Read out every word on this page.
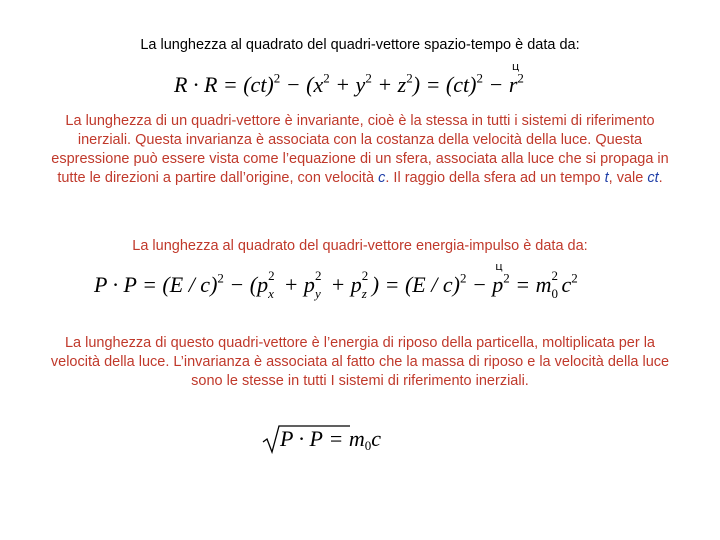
La lunghezza al quadrato del quadri-vettore spazio-tempo è data da:
$R \cdot R = (ct)^2 - (x^2 + y^2 + z^2) = (ct)^2 - r$
ц
$^2$
La lunghezza di un quadri-vettore è invariante, cioè è la stessa in tutti i sistemi di riferimento inerziali. Questa invarianza è associata con la costanza della velocità della luce. Questa espressione può essere vista come l’equazione di un sfera, associata alla luce che si propaga in tutte le direzioni a partire dall’origine, con velocità c. Il raggio della sfera ad un tempo t, vale ct.
La lunghezza al quadrato del quadri-vettore energia-impulso è data da:
P · P = (E / c)$^2$ − (p 2
x + p 2
y + p 2
z ) = (E / c)$^2$ − p
ц
$^2$ = m 2
0 $c^2$
La lunghezza di questo quadri-vettore è l’energia di riposo della particella, moltiplicata per la velocità della luce. L’invarianza è associata al fatto che la massa di riposo e la velocità della luce sono le stesse in tutti I sistemi di riferimento inerziali.
$P \cdot P = m_0c$
